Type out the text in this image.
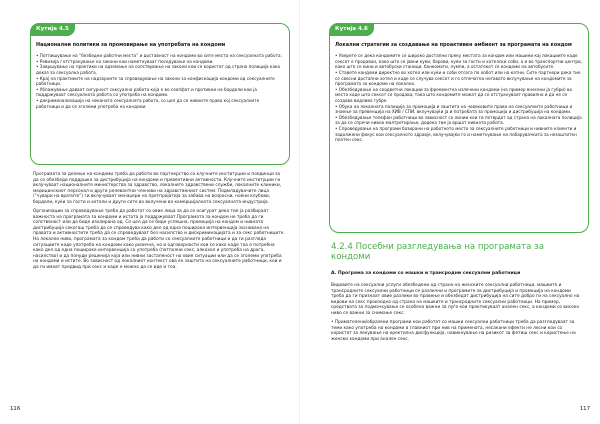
Кутија 4.5

Национални политики за промовирање на употребата на кондоми

• Потпишување на “безбедни работни места” и доставност на кондоми во сите места на сексуалната работа.

• Ревизија / отстранување на закони кои наметнуваат поседување на кондоми.

• Завршување на практики на одземање на сопствување на закони кои се користат од страна полиција како доказ за сексуална работа.

• Крај на практиките на надзорните за спроведување на закони за конфискација кондоми од сексуалните работници.

• Ублажување даваат сигурност сексуална работа која е во сеопфат и противни на бордели кои ја поддржуваат сексуалната работа со употреба на кондоми.

• декриминализација на неканата сексуалната работа, со цел да се нивните права кој сексуалните работници и да се зголеми употреба на кондоми

Програмата за делење на кондоми треба да работи во партнерство со клучните институции и поединци за да се обезбеди поддршка за дистрибуција на кондоми и превентивни активности. Клучните институции ги вклучуваат националните министерства за здравство, локалните здравствени служби, локалните клиники, медицинскиот персонал и други релевантни членови на здравствениот систем. Подмладувачите лица (“чувари на вратите”) ги вклучуваат менаџери на претпријатија за забава на возрасни, ноќни клубови, бордели, куќи за гости и хотели и други сите во вклучени во комерцијалната сексуалната индустрија.

Организации за спроведување треба да работат со овие лица за да се осигурат дека тие ја разбираат важноста на програмата за кондоми и истата ја поддржуваат.Програмата за кондом не треба да ги сопственост или да биде изолирана од. Со цел да се биде успешна, промоција на кондом и нивната дистрибуција секогаш треба да се спроведува како дел од една поширока интервенција заснована на правата и активностите треба да се спроведуваат без насилство и дискриминацијата и за секс работниците. На локално ниво, програмата за кондом треба да работи со сексуалните работници и да ги разгледа ситуациите каде употреба на кондоми како ризична, но и одговорности кои се како каде таа е потребна како дел од една поширока интервенција со употреба (потполни секс, алкохол и употреба на дрога, насилство) и да понуди решенија која или нивни застапеност на овие ситуации или да се зголеми употреба на кондоми и истите. Во зависност од локалниот контекст ова ќе заштита на сексуалните работници, кои и да ги имаат предвид при секс и каде е можно да се иде и тоа.

116
Кутија 4.6

Локални стратегии за создавање на проактивен амбиент за програмата на кондом

• Уверете се дека кондомите се широко достапни преку местата за кондом или машини кај локациите каде сексот е продаван, како што се јавни куќи, барови, куќи за гости и хотелски соби, а и во транспортни центри, како што се кини и автобуски станици, банкомати, пумпи, а остатокот се кондоми на автобусите.

• Ставете кондоми директно во хотел или куќи и соби отсега по хобот или на катни. Сите партнери дека тие се свесни достапни хотел и каде се случува сексот и го отпечатеа неговото вклучување на кондомите за програмата за кондоми на локално.

• Обезбедување на соодветни локации за фреквентна излечени кондоми (на пример внесени ја губри) во места каде што сексот се продава, така што кондомите можат да се отстрануваат правилно и да не се создава видливо губре.

• Обука на локалната полиција за промоција и заштита на човековите права на сексуалните работници и знаење за превенција на ХИВ / СПИ, вклучувајќи ја и потребата за промоција и дистрибуција на кондоми.

• Обезбедување телефон работници во зависност со линии кои ги потврдат од страна на локалната полиција за да се спречи нивно малтретирање, додека тие ја вршат нивната работа.

• Спроведување на програми базирани на работното место за сексуалните работници и нивните клиенти и задолжени фокус кои сексуалното здравје, вклучувајќи го и наметнување на побарувачката за незаштитен платен секс.

4.2.4 Посебни разгледувања на програмата за кондоми
А. Програма за кондоми со машки и трансродни сексуални работници

Видовите на сексуални услуги обезбедени од страна на женските сексуални работници, машките и трансродните сексуални работници се различни и програмите за дистрибуција и промоција на кондоми треба да ги признаат овие разлики во правење и обезбедат дистрибуција на сите добро ги на сексуално на видови на секс произодно од страна на машките и трансродните сексуални работници. На пример, средствата за подмачкување се особено важни за луѓе кои практикуваат анален секс, а кондоми со високо ниво се важни за снимање секс.

• Примателени/образени програми кои работат со машки сексуални работници треба да разгледуваат за теми како употреба на кондоми в главниот при нив на примената, несакани ефекти не лесни кои со користат за лекување на еректилна дисфункција, навикнување на ризикот за фетиш секс и користење на женски кондоми при анален секс.

117
